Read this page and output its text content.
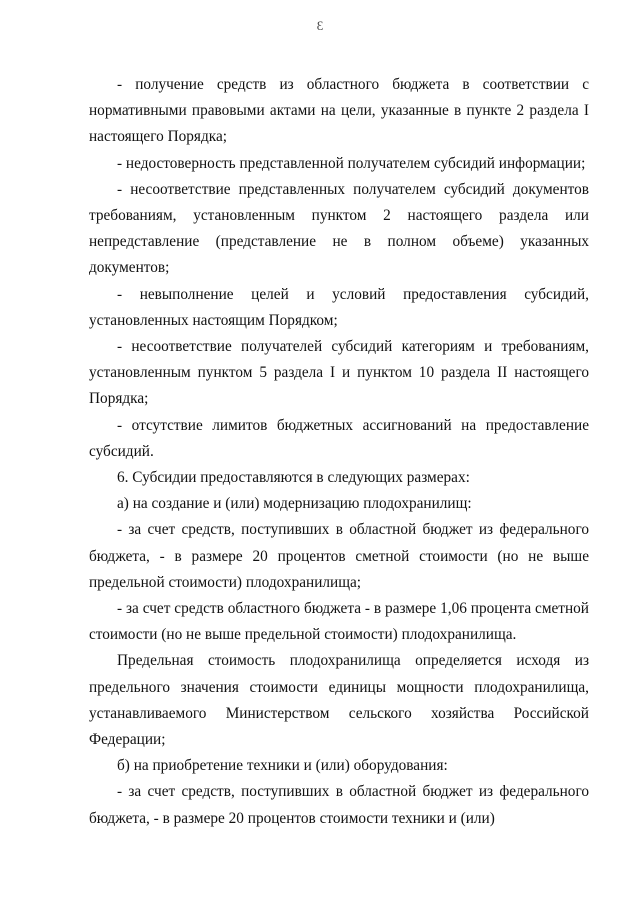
3

- получение средств из областного бюджета в соответствии с нормативными правовыми актами на цели, указанные в пункте 2 раздела I настоящего Порядка;

- недостоверность представленной получателем субсидий информации;

- несоответствие представленных получателем субсидий документов требованиям, установленным пунктом 2 настоящего раздела или непредставление (представление не в полном объеме) указанных документов;

- невыполнение целей и условий предоставления субсидий, установленных настоящим Порядком;

- несоответствие получателей субсидий категориям и требованиям, установленным пунктом 5 раздела I и пунктом 10 раздела II настоящего Порядка;

- отсутствие лимитов бюджетных ассигнований на предоставление субсидий.

6. Субсидии предоставляются в следующих размерах:

а) на создание и (или) модернизацию плодохранилищ:

- за счет средств, поступивших в областной бюджет из федерального бюджета, - в размере 20 процентов сметной стоимости (но не выше предельной стоимости) плодохранилища;

- за счет средств областного бюджета - в размере 1,06 процента сметной стоимости (но не выше предельной стоимости) плодохранилища.

Предельная стоимость плодохранилища определяется исходя из предельного значения стоимости единицы мощности плодохранилища, устанавливаемого Министерством сельского хозяйства Российской Федерации;

б) на приобретение техники и (или) оборудования:

- за счет средств, поступивших в областной бюджет из федерального бюджета, - в размере 20 процентов стоимости техники и (или)
